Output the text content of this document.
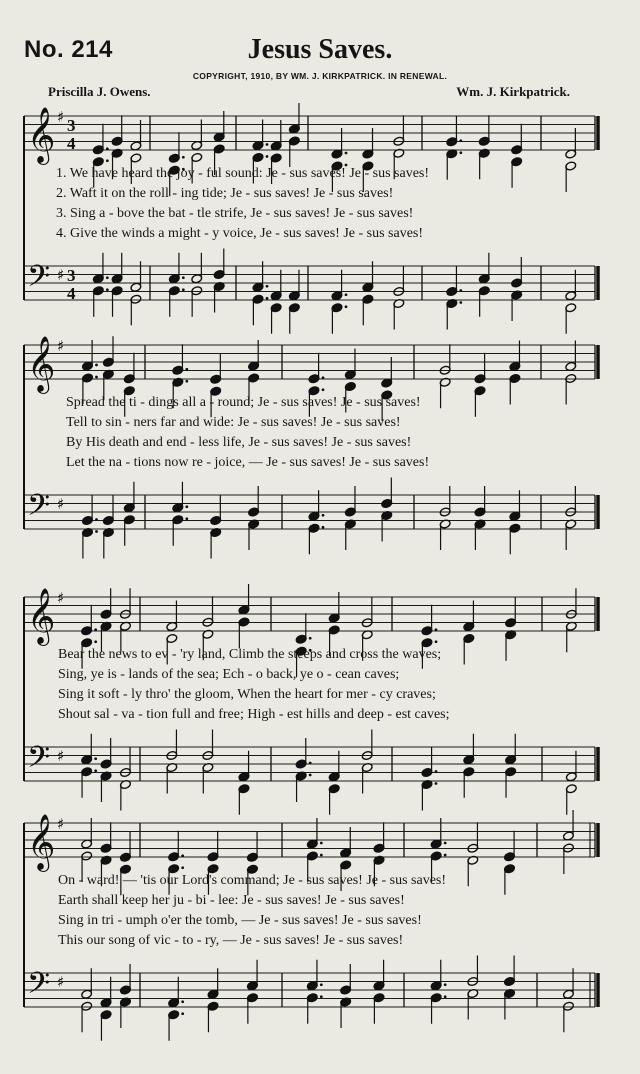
No. 214	Jesus Saves.
COPYRIGHT, 1910, BY WM. J. KIRKPATRICK. IN RENEWAL.
Priscilla J. Owens.	Wm. J. Kirkpatrick.
𝄞
𝄢
♯
♯
3
4
3
4
1. We have heard the joy - ful sound: Je - sus saves! Je - sus saves!
2. Waft it on the roll - ing tide; Je - sus saves! Je - sus saves!
3. Sing a - bove the bat - tle strife, Je - sus saves! Je - sus saves!
4. Give the winds a might - y voice, Je - sus saves! Je - sus saves!
𝄞
𝄢
♯
♯
Spread the ti - dings all a - round; Je - sus saves! Je - sus saves!
Tell to sin - ners far and wide: Je - sus saves! Je - sus saves!
By His death and end - less life, Je - sus saves! Je - sus saves!
Let the na - tions now re - joice, — Je - sus saves! Je - sus saves!
𝄞
𝄢
♯
♯
Bear the news to ev - 'ry land, Climb the steeps and cross the waves;
Sing, ye is - lands of the sea; Ech - o back, ye o - cean caves;
Sing it soft - ly thro' the gloom, When the heart for mer - cy craves;
Shout sal - va - tion full and free; High - est hills and deep - est caves;
𝄞
𝄢
♯
♯
On - ward! — 'tis our Lord's command; Je - sus saves! Je - sus saves!
Earth shall keep her ju - bi - lee: Je - sus saves! Je - sus saves!
Sing in tri - umph o'er the tomb, — Je - sus saves! Je - sus saves!
This our song of vic - to - ry, — Je - sus saves! Je - sus saves!
